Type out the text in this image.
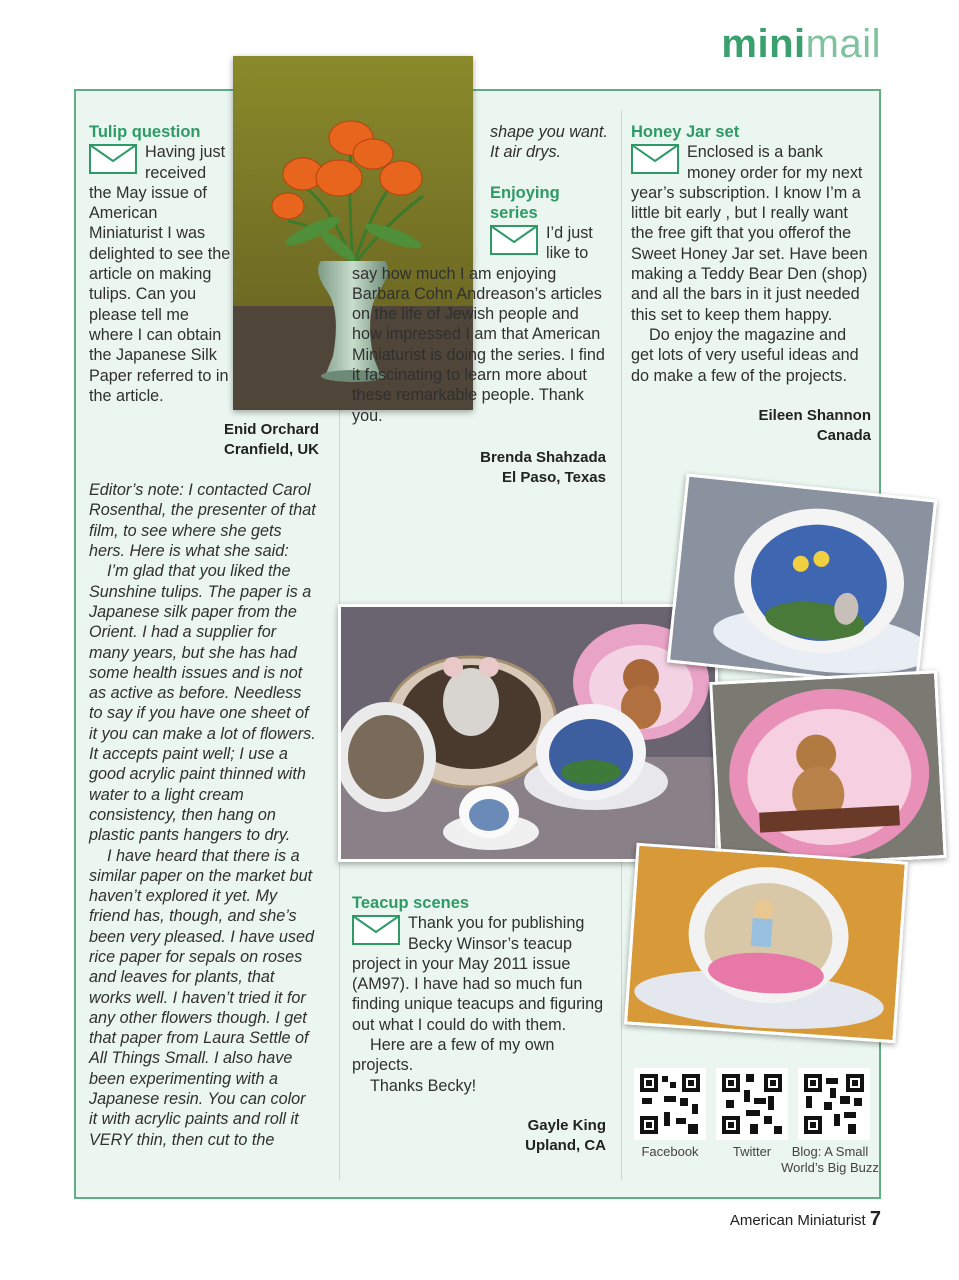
minimail

Tulip question

Having just received the May issue of American Miniaturist I was delighted to see the article on making tulips. Can you please tell me where I can obtain the Japanese Silk Paper referred to in the article.

Enid Orchard
Cranfield, UK

Editor’s note: I contacted Carol Rosenthal, the presenter of that film, to see where she gets hers. Here is what she said:

I’m glad that you liked the Sunshine tulips. The paper is a Japanese silk paper from the Orient. I had a supplier for many years, but she has had some health issues and is not as active as before. Needless to say if you have one sheet of it you can make a lot of flowers. It accepts paint well; I use a good acrylic paint thinned with water to a light cream consistency, then hang on plastic pants hangers to dry.

I have heard that there is a similar paper on the market but haven’t explored it yet. My friend has, though, and she’s been very pleased. I have used rice paper for sepals on roses and leaves for plants, that works well. I haven’t tried it for any other flowers though. I get that paper from Laura Settle of All Things Small. I also have been experimenting with a Japanese resin. You can color it with acrylic paints and roll it VERY thin, then cut to the

shape you want. It air drys.

Enjoying series

I’d just like to say how much I am enjoying Barbara Cohn Andreason’s articles on the life of Jewish people and how impressed I am that American Miniaturist is doing the series. I find it fascinating to learn more about these remarkable people. Thank you.

Brenda Shahzada
El Paso, Texas

Teacup scenes

Thank you for publishing Becky Winsor’s teacup project in your May 2011 issue (AM97). I have had so much fun finding unique teacups and figuring out what I could do with them.

Here are a few of my own projects.

Thanks Becky!

Gayle King
Upland, CA

Honey Jar set

Enclosed is a bank money order for my next year’s subscription. I know I’m a little bit early , but I really want the free gift that you offerof the Sweet Honey Jar set. Have been making a Teddy Bear Den (shop) and all the bars in it just needed this set to keep them happy.

Do enjoy the magazine and get lots of very useful ideas and do make a few of the projects.

Eileen Shannon
Canada
Facebook	Twitter	Blog: A Small World’s Big Buzz
American Miniaturist 7
